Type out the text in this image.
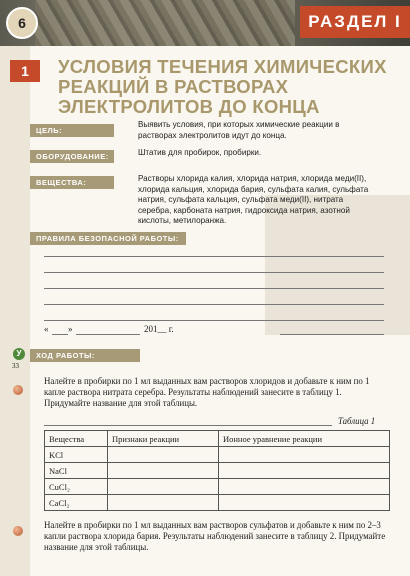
РАЗДЕЛ I
6
1	УСЛОВИЯ ТЕЧЕНИЯ ХИМИЧЕСКИХ РЕАКЦИЙ В РАСТВОРАХ ЭЛЕКТРОЛИТОВ ДО КОНЦА
ЦЕЛЬ:
Выявить условия, при которых химические реакции в растворах электролитов идут до конца.
ОБОРУДОВАНИЕ:	Штатив для пробирок, пробирки.
ВЕЩЕСТВА:	Растворы хлорида калия, хлорида натрия, хлорида меди(II), хлорида кальция, хлорида бария, сульфата калия, сульфата натрия, сульфата кальция, сульфата меди(II), нитрата серебра, карбоната натрия, гидроксида натрия, азотной кислоты, метилоранжа.
ПРАВИЛА БЕЗОПАСНОЙ РАБОТЫ:
« »	201__ г.
У
33
ХОД РАБОТЫ:
Налейте в пробирки по 1 мл выданных вам растворов хлоридов и добавьте к ним по 1 капле раствора нитрата серебра. Результаты наблюдений занесите в таблицу 1. Придумайте название для этой таблицы.
Таблица 1
Вещества	Признаки реакции	Ионное уравнение реакции
KCl		
NaCl		
CuCl₂		
CaCl₂		
Налейте в пробирки по 1 мл выданных вам растворов сульфатов и добавьте к ним по 2–3 капли раствора хлорида бария. Результаты наблюдений занесите в таблицу 2. Придумайте название для этой таблицы.
